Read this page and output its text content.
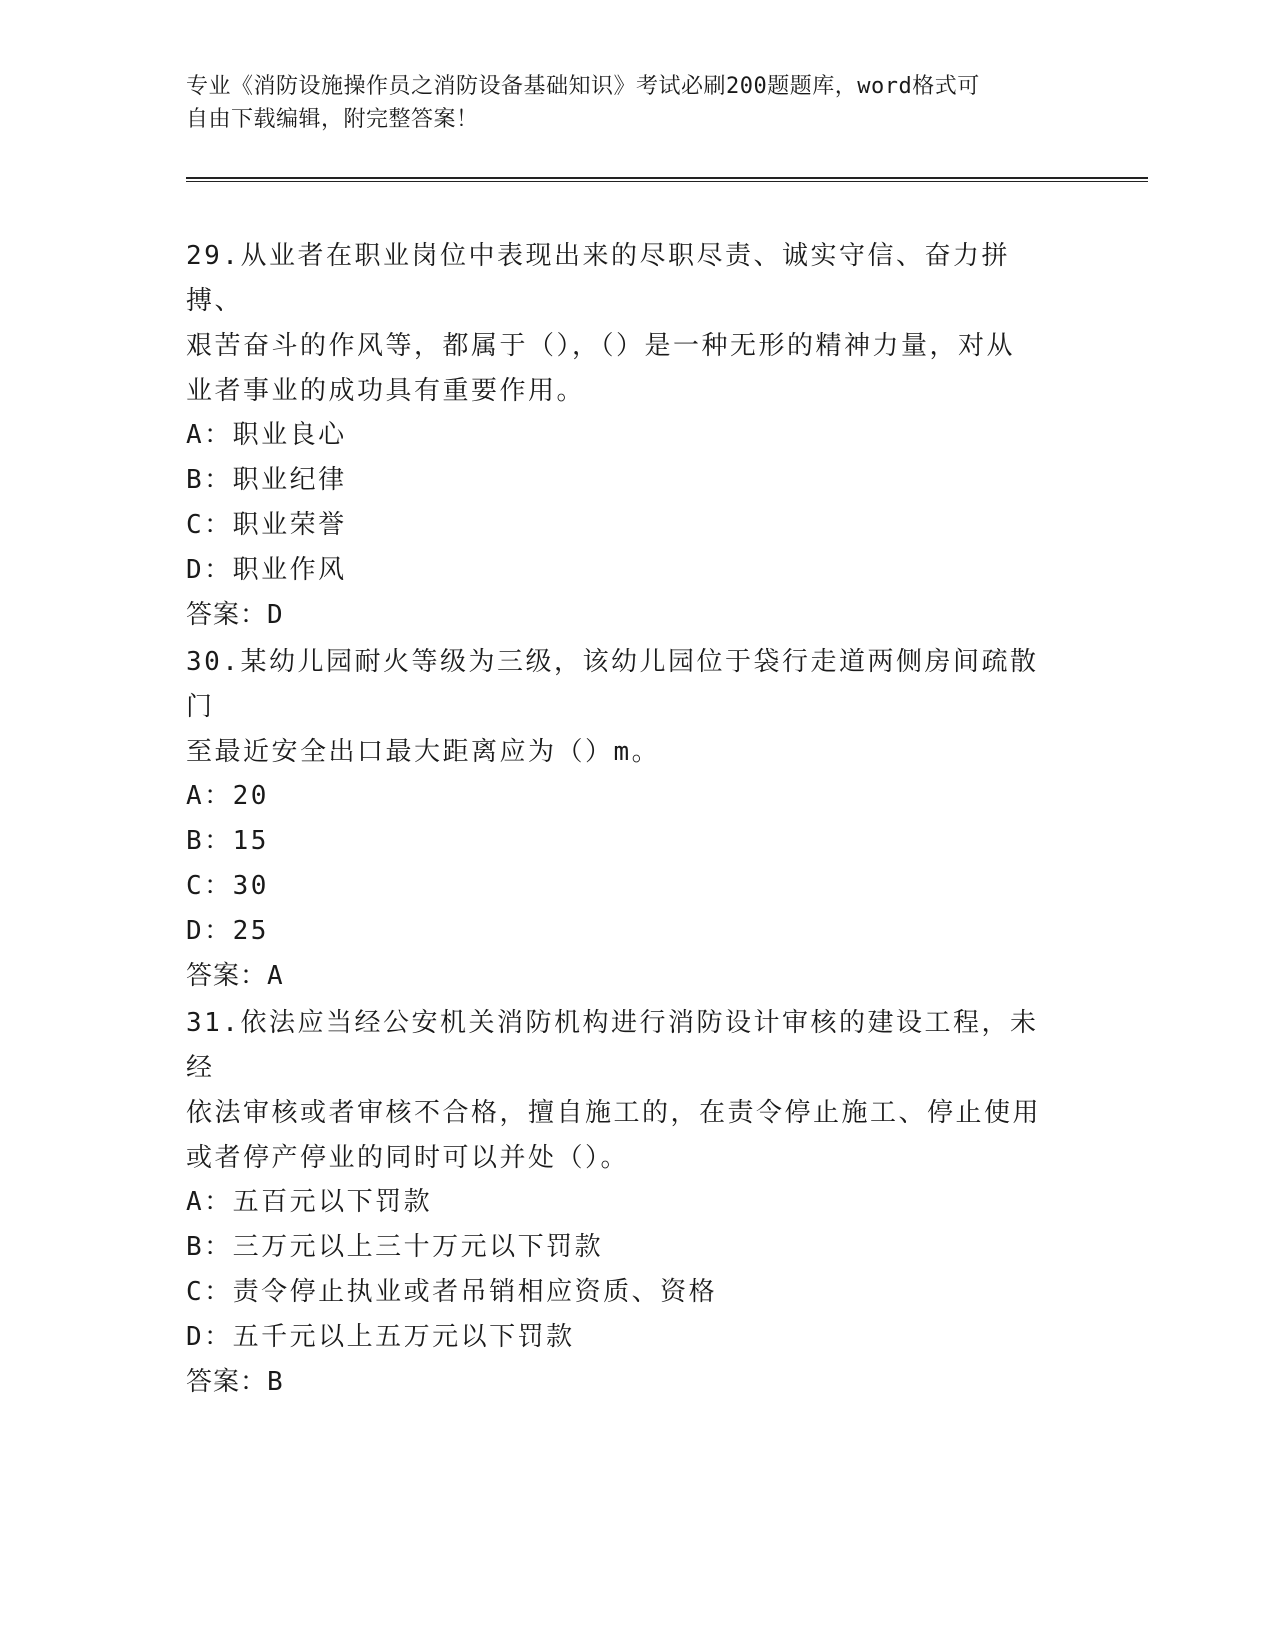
专业《消防设施操作员之消防设备基础知识》考试必刷200题题库，word格式可
自由下载编辑，附完整答案！
29.从业者在职业岗位中表现出来的尽职尽责、诚实守信、奋力拼搏、
艰苦奋斗的作风等，都属于（），（）是一种无形的精神力量，对从
业者事业的成功具有重要作用。
A：职业良心
B：职业纪律
C：职业荣誉
D：职业作风
答案：D
30.某幼儿园耐火等级为三级，该幼儿园位于袋行走道两侧房间疏散门
至最近安全出口最大距离应为（）m。
A：20
B：15
C：30
D：25
答案：A
31.依法应当经公安机关消防机构进行消防设计审核的建设工程，未经
依法审核或者审核不合格，擅自施工的，在责令停止施工、停止使用
或者停产停业的同时可以并处（）。
A：五百元以下罚款
B：三万元以上三十万元以下罚款
C：责令停止执业或者吊销相应资质、资格
D：五千元以上五万元以下罚款
答案：B
